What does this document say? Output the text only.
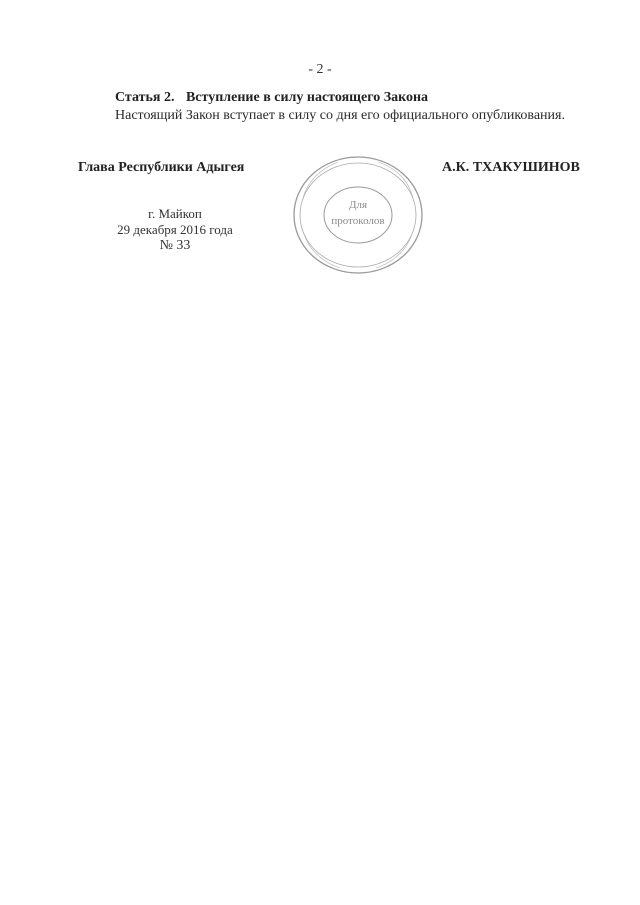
- 2 -
Статья 2. Вступление в силу настоящего Закона
Настоящий Закон вступает в силу со дня его официального опубликования.
Глава Республики Адыгея	А.К. ТХАКУШИНОВ
г. Майкоп
29 декабря 2016 года
№ 33
Для
протоколов
